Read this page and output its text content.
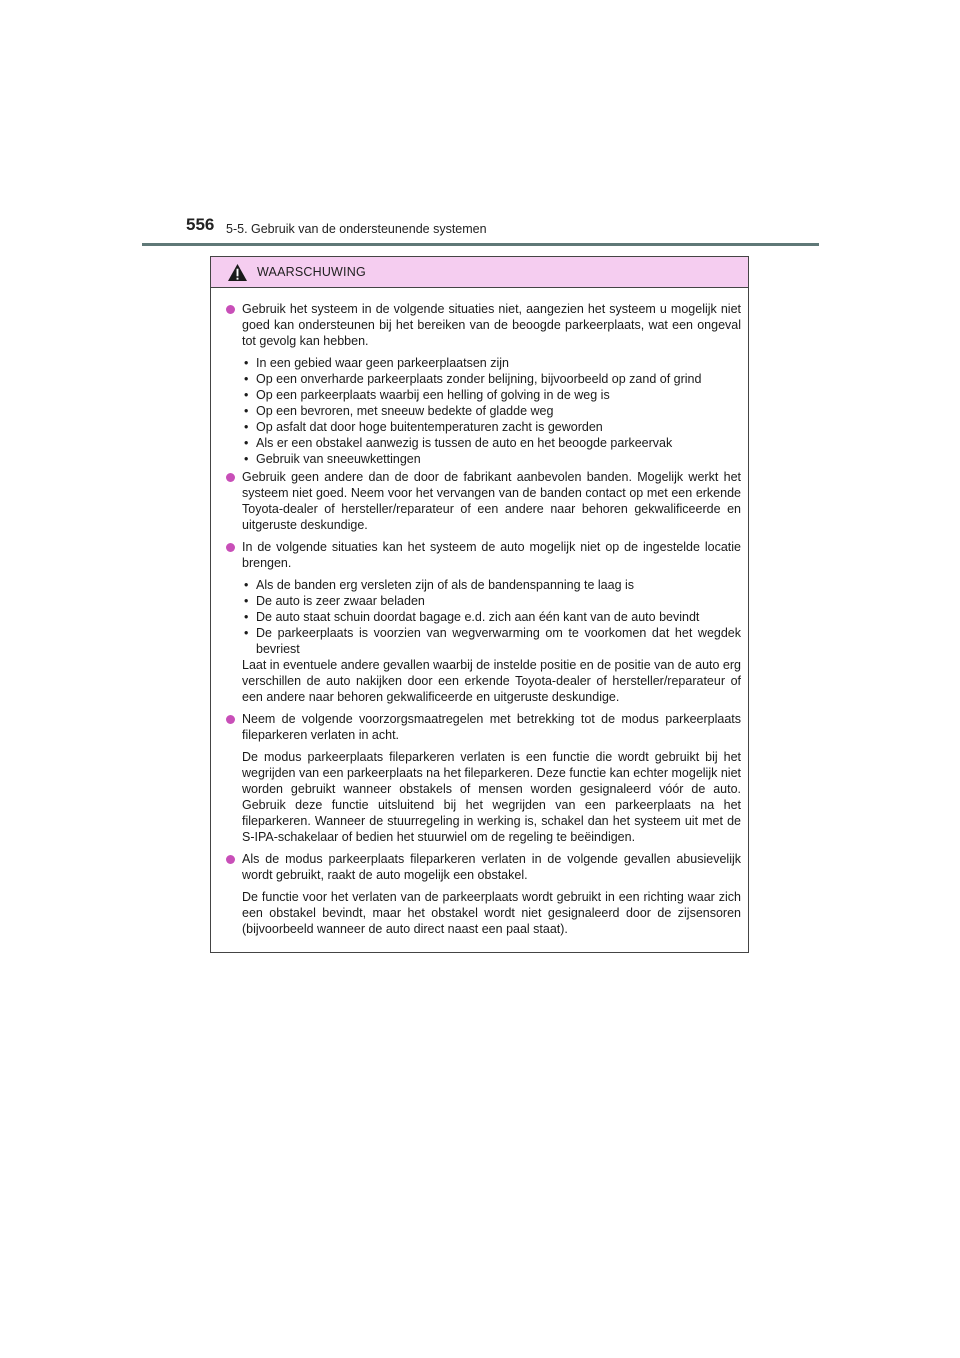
556 5-5. Gebruik van de ondersteunende systemen
WAARSCHUWING

Gebruik het systeem in de volgende situaties niet, aangezien het systeem u mogelijk niet goed kan ondersteunen bij het bereiken van de beoogde parkeerplaats, wat een ongeval tot gevolg kan hebben.

• In een gebied waar geen parkeerplaatsen zijn
• Op een onverharde parkeerplaats zonder belijning, bijvoorbeeld op zand of grind
• Op een parkeerplaats waarbij een helling of golving in de weg is
• Op een bevroren, met sneeuw bedekte of gladde weg
• Op asfalt dat door hoge buitentemperaturen zacht is geworden
• Als er een obstakel aanwezig is tussen de auto en het beoogde parkeervak
• Gebruik van sneeuwkettingen

Gebruik geen andere dan de door de fabrikant aanbevolen banden. Mogelijk werkt het systeem niet goed. Neem voor het vervangen van de banden contact op met een erkende Toyota-dealer of hersteller/reparateur of een andere naar behoren gekwalificeerde en uitgeruste deskundige.

In de volgende situaties kan het systeem de auto mogelijk niet op de ingestelde locatie brengen.

• Als de banden erg versleten zijn of als de bandenspanning te laag is
• De auto is zeer zwaar beladen
• De auto staat schuin doordat bagage e.d. zich aan één kant van de auto bevindt
• De parkeerplaats is voorzien van wegverwarming om te voorkomen dat het wegdek bevriest

Laat in eventuele andere gevallen waarbij de instelde positie en de positie van de auto erg verschillen de auto nakijken door een erkende Toyota-dealer of hersteller/reparateur of een andere naar behoren gekwalificeerde en uitgeruste deskundige.

Neem de volgende voorzorgsmaatregelen met betrekking tot de modus parkeerplaats fileparkeren verlaten in acht.

De modus parkeerplaats fileparkeren verlaten is een functie die wordt gebruikt bij het wegrijden van een parkeerplaats na het fileparkeren. Deze functie kan echter mogelijk niet worden gebruikt wanneer obstakels of mensen worden gesignaleerd vóór de auto. Gebruik deze functie uitsluitend bij het wegrijden van een parkeerplaats na het fileparkeren. Wanneer de stuurregeling in werking is, schakel dan het systeem uit met de S-IPA-schakelaar of bedien het stuurwiel om de regeling te beëindigen.

Als de modus parkeerplaats fileparkeren verlaten in de volgende gevallen abusievelijk wordt gebruikt, raakt de auto mogelijk een obstakel.

De functie voor het verlaten van de parkeerplaats wordt gebruikt in een richting waar zich een obstakel bevindt, maar het obstakel wordt niet gesignaleerd door de zijsensoren (bijvoorbeeld wanneer de auto direct naast een paal staat).
